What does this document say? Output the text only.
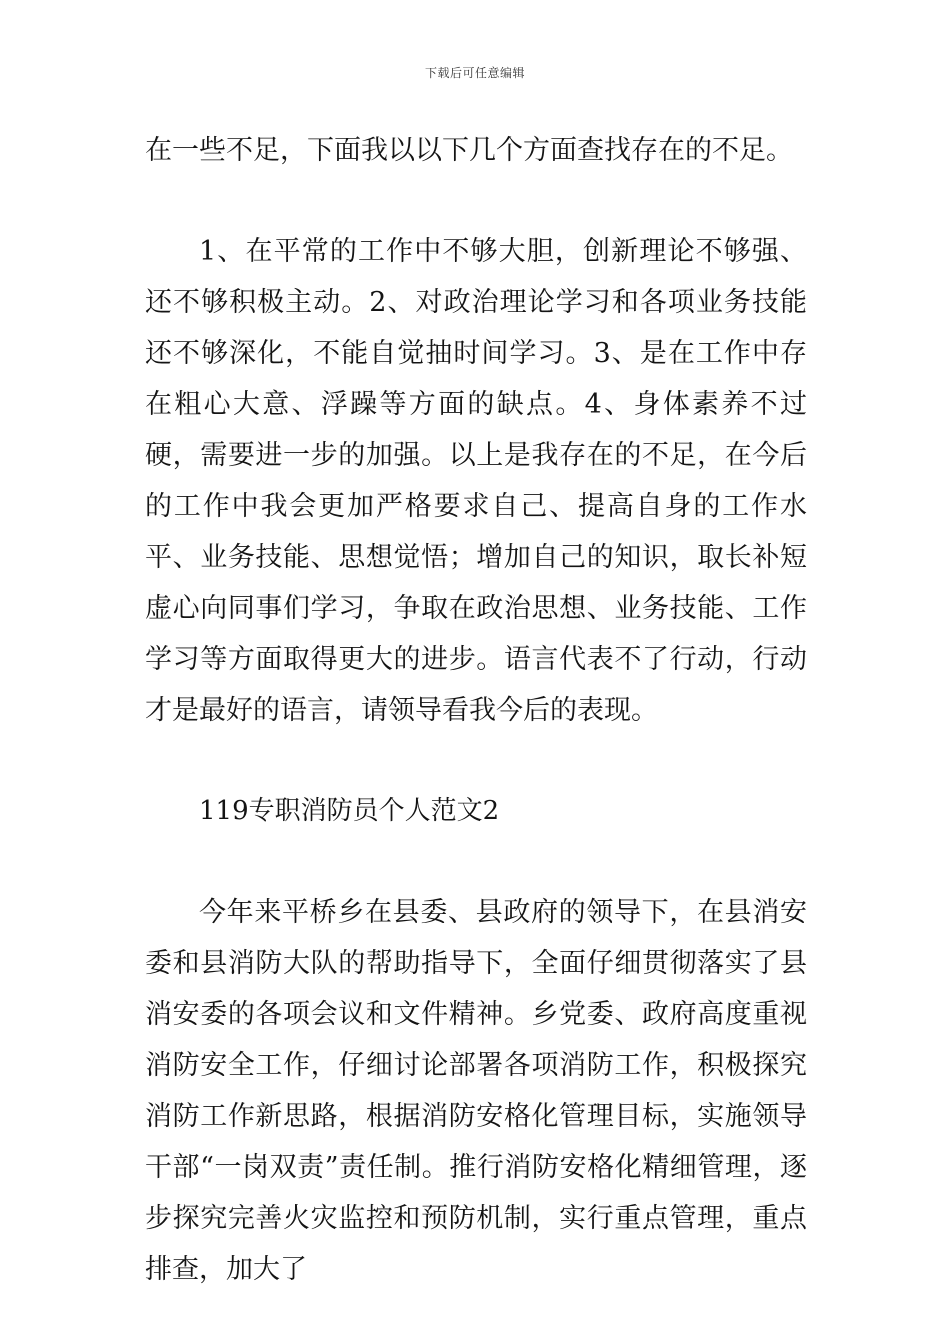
下载后可任意编辑

在一些不足，下面我以以下几个方面查找存在的不足。

1、在平常的工作中不够大胆，创新理论不够强、还不够积极主动。2、对政治理论学习和各项业务技能还不够深化，不能自觉抽时间学习。3、是在工作中存在粗心大意、浮躁等方面的缺点。4、身体素养不过硬，需要进一步的加强。以上是我存在的不足，在今后的工作中我会更加严格要求自己、提高自身的工作水平、业务技能、思想觉悟；增加自己的知识，取长补短虚心向同事们学习，争取在政治思想、业务技能、工作学习等方面取得更大的进步。语言代表不了行动，行动才是最好的语言，请领导看我今后的表现。

119专职消防员个人范文2

今年来平桥乡在县委、县政府的领导下，在县消安委和县消防大队的帮助指导下，全面仔细贯彻落实了县消安委的各项会议和文件精神。乡党委、政府高度重视消防安全工作，仔细讨论部署各项消防工作，积极探究消防工作新思路，根据消防安格化管理目标，实施领导干部“一岗双责”责任制。推行消防安格化精细管理，逐步探究完善火灾监控和预防机制，实行重点管理，重点排查，加大了
